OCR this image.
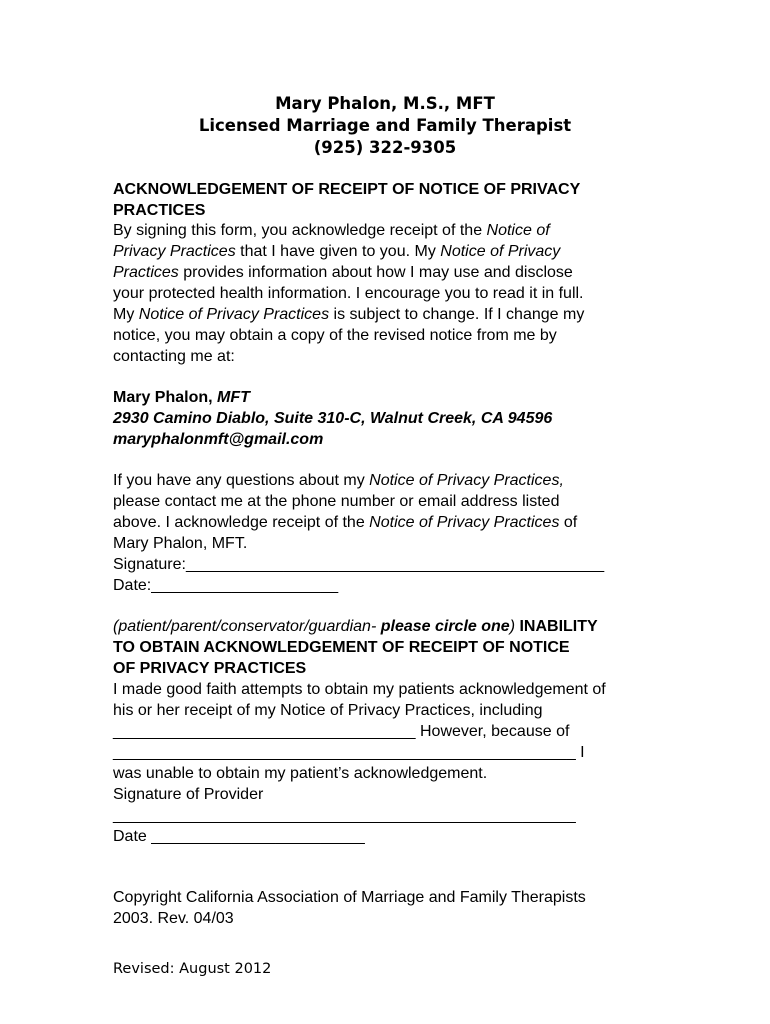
Mary Phalon, M.S., MFT
Licensed Marriage and Family Therapist
(925) 322-9305
ACKNOWLEDGEMENT OF RECEIPT OF NOTICE OF PRIVACY
PRACTICES
By signing this form, you acknowledge receipt of the Notice of
Privacy Practices that I have given to you. My Notice of Privacy
Practices provides information about how I may use and disclose
your protected health information. I encourage you to read it in full.
My Notice of Privacy Practices is subject to change. If I change my
notice, you may obtain a copy of the revised notice from me by
contacting me at:
Mary Phalon, MFT
2930 Camino Diablo, Suite 310-C, Walnut Creek, CA 94596
maryphalonmft@gmail.com
If you have any questions about my Notice of Privacy Practices,
please contact me at the phone number or email address listed
above. I acknowledge receipt of the Notice of Privacy Practices of
Mary Phalon, MFT.
Signature:_______________________________________________
Date:_____________________
(patient/parent/conservator/guardian- please circle one) INABILITY
TO OBTAIN ACKNOWLEDGEMENT OF RECEIPT OF NOTICE
OF PRIVACY PRACTICES
I made good faith attempts to obtain my patients acknowledgement of
his or her receipt of my Notice of Privacy Practices, including
__________________________________ However, because of
____________________________________________________ I
was unable to obtain my patient’s acknowledgement.
Signature of Provider
____________________________________________________
Date ________________________
Copyright California Association of Marriage and Family Therapists
2003. Rev. 04/03
Revised: August 2012
